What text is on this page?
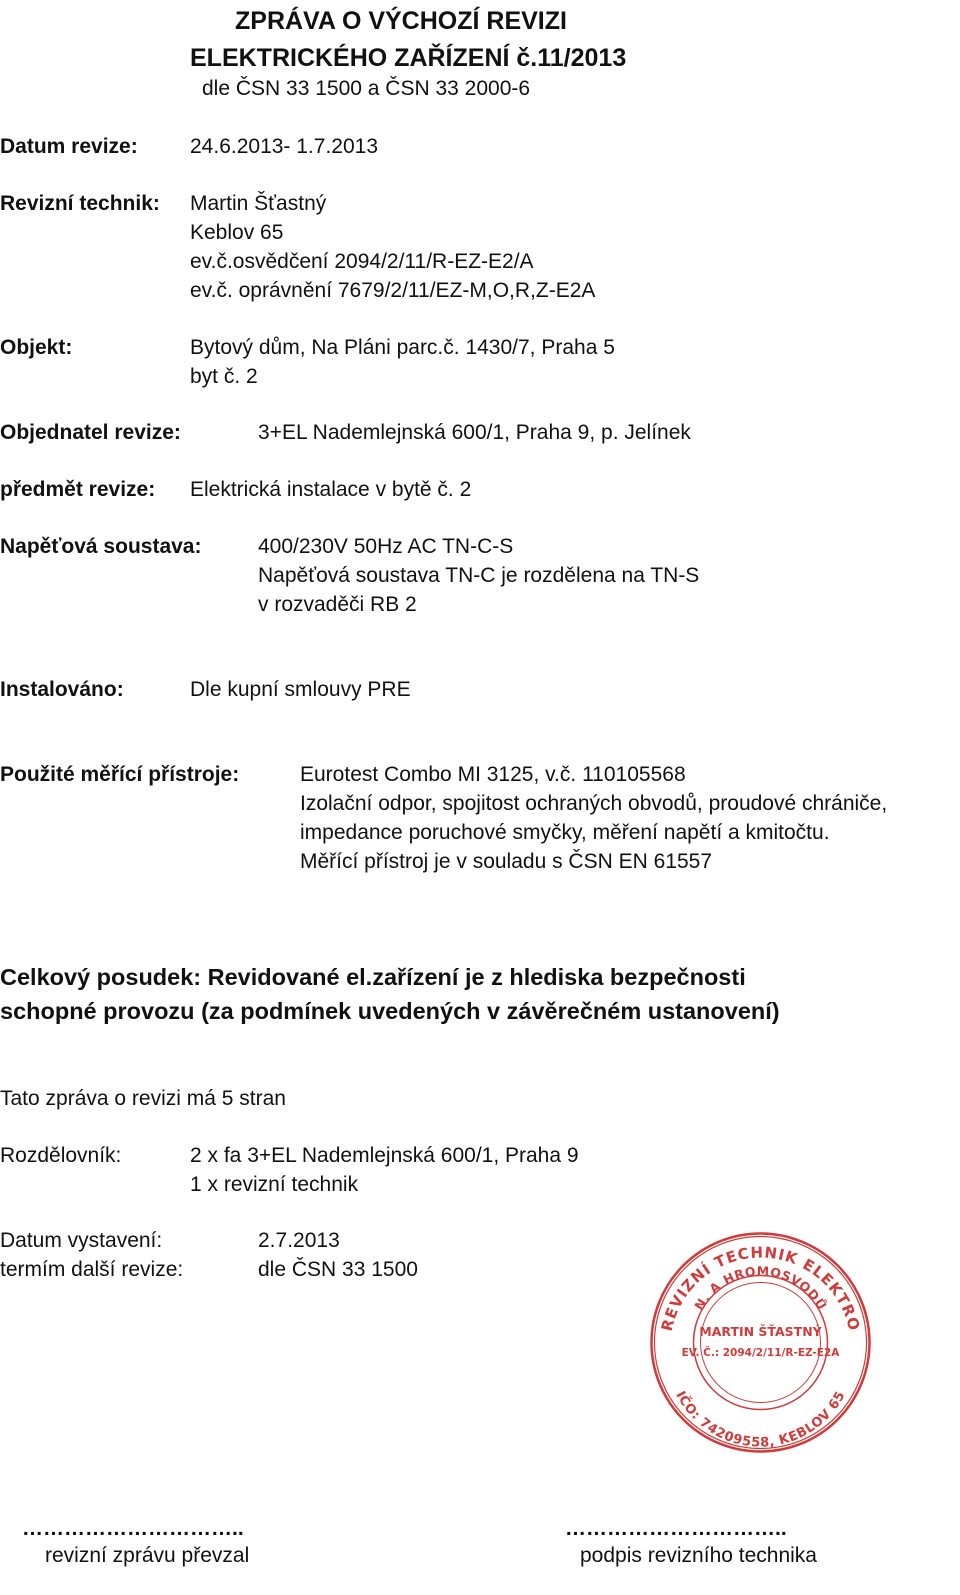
ZPRÁVA O VÝCHOZÍ REVIZI
ELEKTRICKÉHO ZAŘÍZENÍ č.11/2013
dle ČSN 33 1500 a ČSN 33 2000-6
Datum revize: 24.6.2013- 1.7.2013
Revizní technik: Martin Šťastný
Keblov 65
ev.č.osvědčení 2094/2/11/R-EZ-E2/A
ev.č. oprávnění 7679/2/11/EZ-M,O,R,Z-E2A
Objekt:	Bytový dům, Na Pláni parc.č. 1430/7, Praha 5
byt č. 2
Objednatel revize:	3+EL Nademlejnská 600/1, Praha 9, p. Jelínek
předmět revize: Elektrická instalace v bytě č. 2
Napěťová soustava:	400/230V 50Hz AC TN-C-S
Napěťová soustava TN-C je rozdělena na TN-S
v rozvaděči RB 2
Instalováno:	Dle kupní smlouvy PRE
Použité měřící přístroje:	Eurotest Combo MI 3125, v.č. 110105568
Izolační odpor, spojitost ochraných obvodů, proudové chrániče,
impedance poruchové smyčky, měření napětí a kmitočtu.
Měřící přístroj je v souladu s ČSN EN 61557
Celkový posudek: Revidované el.zařízení je z hlediska bezpečnosti
schopné provozu (za podmínek uvedených v závěrečném ustanovení)
Tato zpráva o revizi má 5 stran
Rozdělovník:	2 x fa 3+EL Nademlejnská 600/1, Praha 9
1 x revizní technik
Datum vystavení:	2.7.2013
termím další revize:	dle ČSN 33 1500
REVIZNÍ TECHNIK ELEKTRO
N. A HROMOSVODŮ
IČO: 74209558, KEBLOV 65
MARTIN ŠŤASTNÝ
EV. Č.: 2094/2/11/R-EZ-E2A
…………………………..	…………………………..
revizní zprávu převzal	podpis revizního technika
